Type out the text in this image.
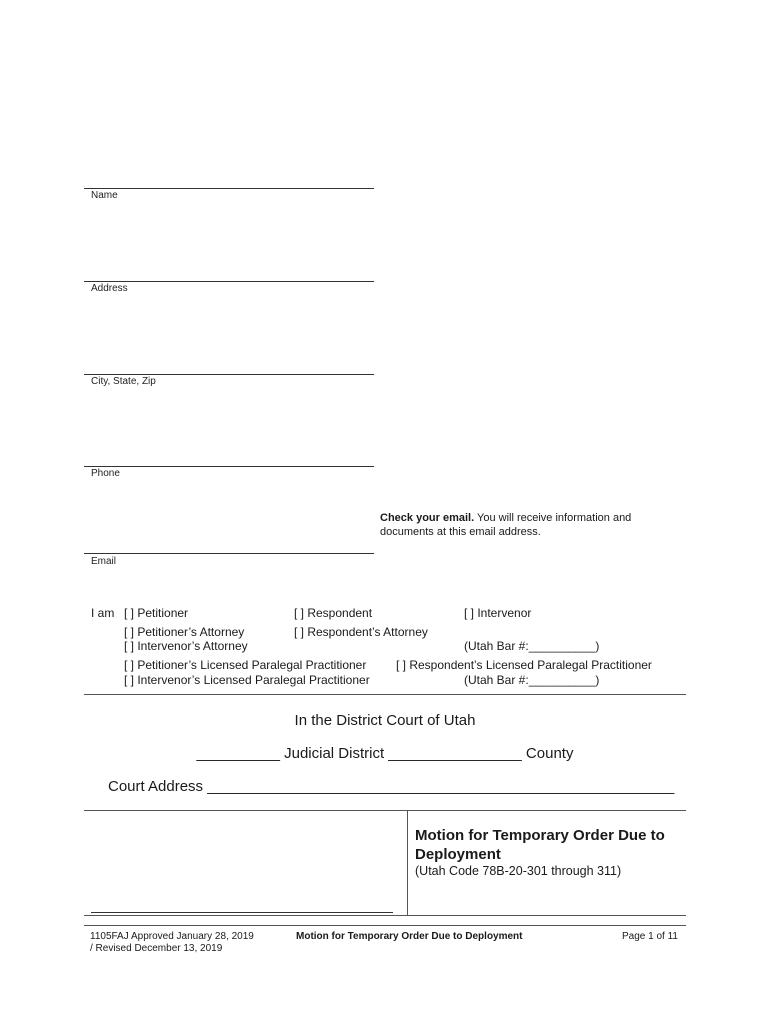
Name
Address
City, State, Zip
Phone
Check your email. You will receive information and
documents at this email address.
Email
I am [ ] Petitioner	[ ] Respondent	[ ] Intervenor
[ ] Petitioner’s Attorney	[ ] Respondent’s Attorney
[ ] Intervenor’s Attorney	(Utah Bar #:__________)
[ ] Petitioner’s Licensed Paralegal Practitioner [ ] Respondent’s Licensed Paralegal Practitioner
[ ] Intervenor’s Licensed Paralegal Practitioner	(Utah Bar #:__________)
In the District Court of Utah
__________ Judicial District ________________ County
Court Address ________________________________________________________
Motion for Temporary Order Due to Deployment
(Utah Code 78B-20-301 through 311)
1105FAJ Approved January 28, 2019
/ Revised December 13, 2019
Motion for Temporary Order Due to Deployment	Page 1 of 11
